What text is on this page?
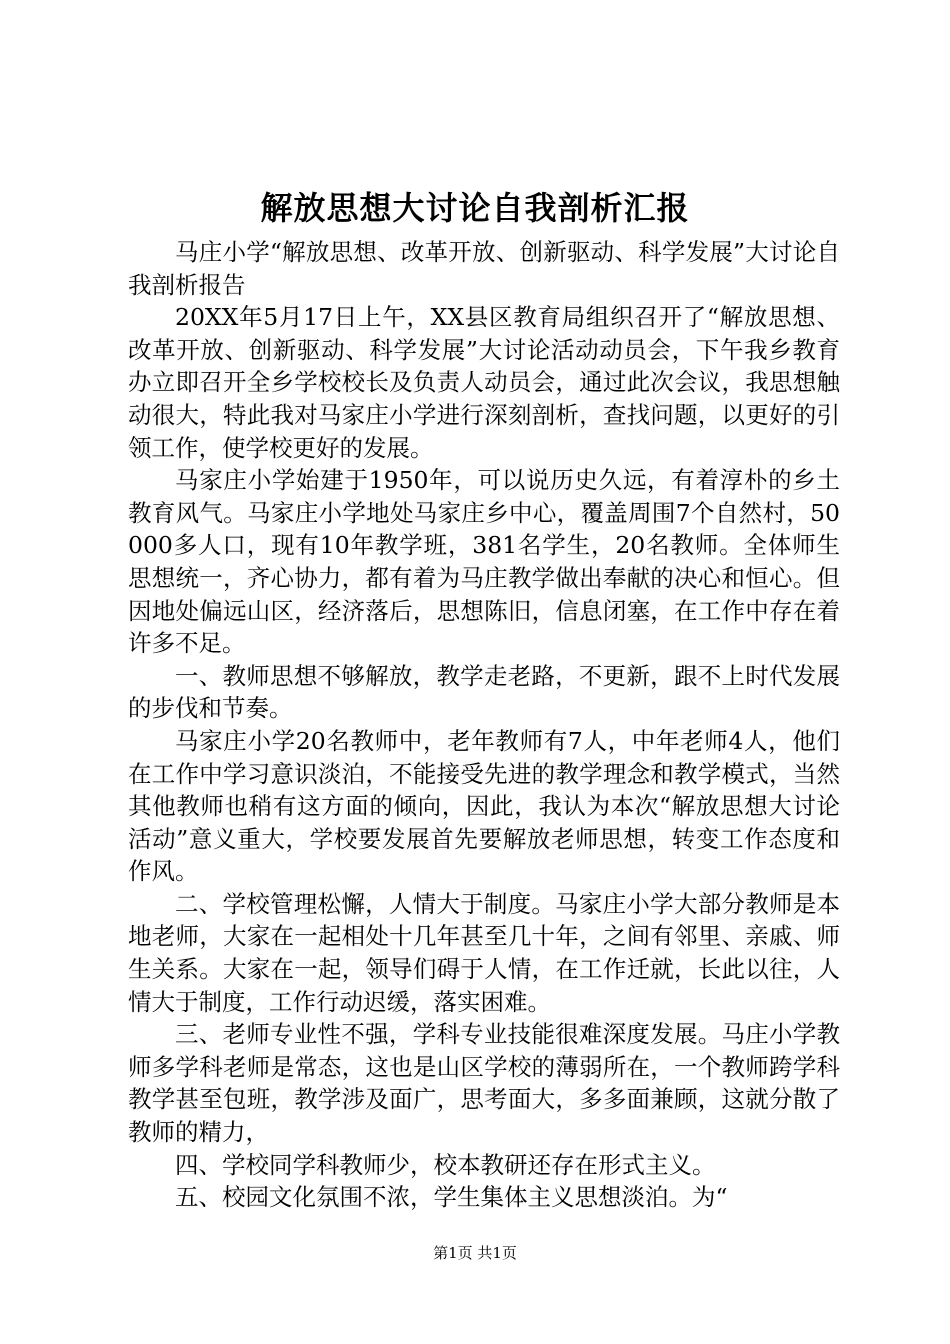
解放思想大讨论自我剖析汇报

马庄小学“解放思想、改革开放、创新驱动、科学发展”大讨论自我剖析报告

20XX年5月17日上午，XX县区教育局组织召开了“解放思想、改革开放、创新驱动、科学发展”大讨论活动动员会，下午我乡教育办立即召开全乡学校校长及负责人动员会，通过此次会议，我思想触动很大，特此我对马家庄小学进行深刻剖析，查找问题，以更好的引领工作，使学校更好的发展。

马家庄小学始建于1950年，可以说历史久远，有着淳朴的乡土教育风气。马家庄小学地处马家庄乡中心，覆盖周围7个自然村，50000多人口，现有10年教学班，381名学生，20名教师。全体师生思想统一，齐心协力，都有着为马庄教学做出奉献的决心和恒心。但因地处偏远山区，经济落后，思想陈旧，信息闭塞，在工作中存在着许多不足。

一、教师思想不够解放，教学走老路，不更新，跟不上时代发展的步伐和节奏。

马家庄小学20名教师中，老年教师有7人，中年老师4人，他们在工作中学习意识淡泊，不能接受先进的教学理念和教学模式，当然其他教师也稍有这方面的倾向，因此，我认为本次“解放思想大讨论活动”意义重大，学校要发展首先要解放老师思想，转变工作态度和作风。

二、学校管理松懈，人情大于制度。马家庄小学大部分教师是本地老师，大家在一起相处十几年甚至几十年，之间有邻里、亲戚、师生关系。大家在一起，领导们碍于人情，在工作迁就，长此以往，人情大于制度，工作行动迟缓，落实困难。

三、老师专业性不强，学科专业技能很难深度发展。马庄小学教师多学科老师是常态，这也是山区学校的薄弱所在，一个教师跨学科教学甚至包班，教学涉及面广，思考面大，多多面兼顾，这就分散了教师的精力，

四、学校同学科教师少，校本教研还存在形式主义。

五、校园文化氛围不浓，学生集体主义思想淡泊。为“

第1页 共1页
